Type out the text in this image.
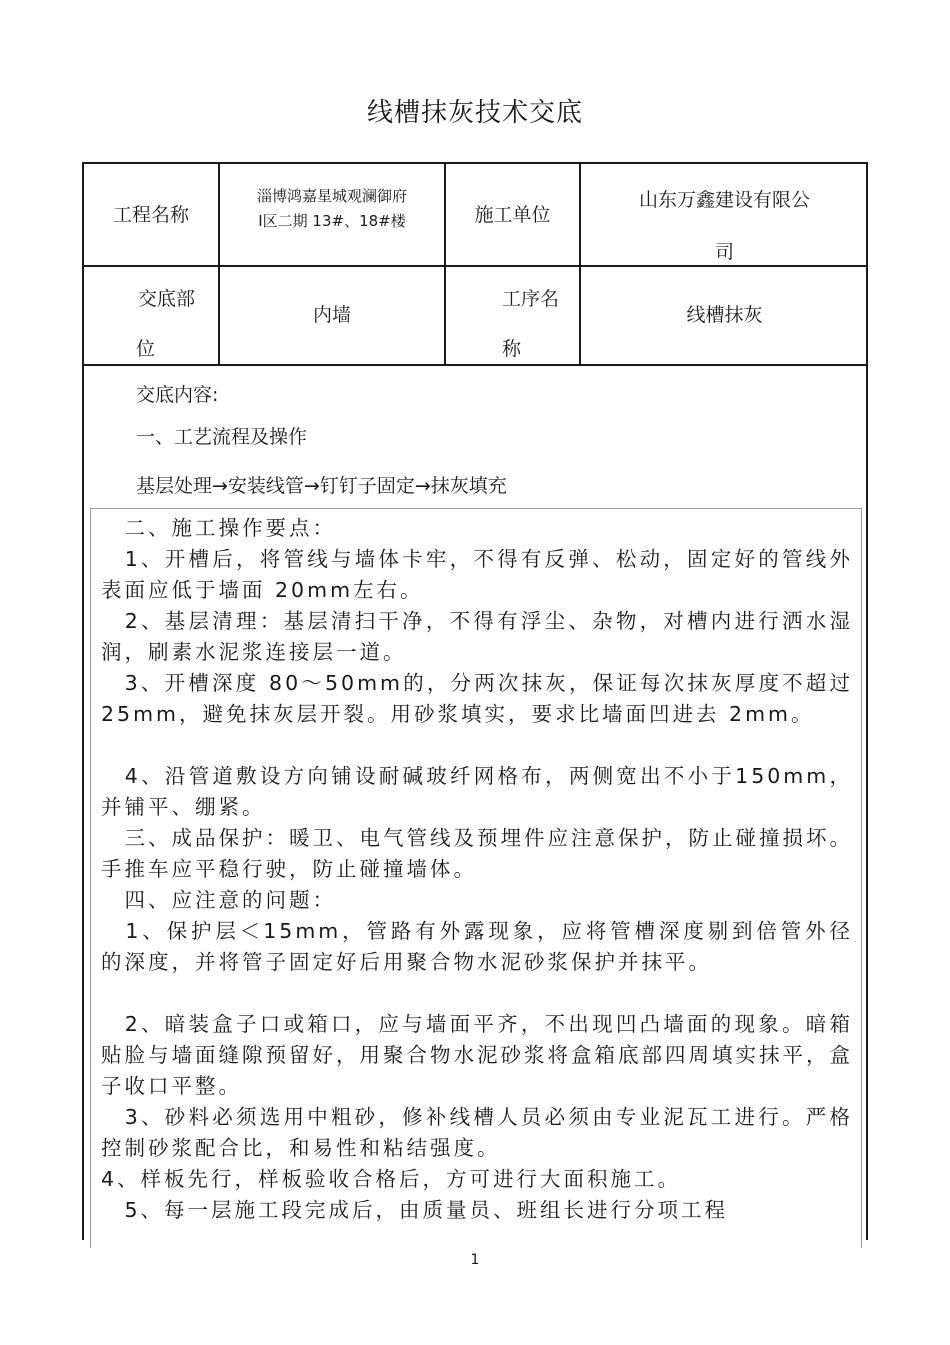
线槽抹灰技术交底
工程名称
淄博鸿嘉星城观澜御府
Ⅰ区二期 13#、18#楼	施工单位
山东万鑫建设有限公
司
交底部
位
内墙
工序名
称
线槽抹灰
交底内容:
一、工艺流程及操作
基层处理→安装线管→钉钉子固定→抹灰填充

　二、施工操作要点：

　1、开槽后，将管线与墙体卡牢，不得有反弹、松动，固定好的管线外表面应低于墙面 20mm左右。

　2、基层清理：基层清扫干净，不得有浮尘、杂物，对槽内进行洒水湿润，刷素水泥浆连接层一道。

　3、开槽深度 80～50mm的，分两次抹灰，保证每次抹灰厚度不超过 25mm，避免抹灰层开裂。用砂浆填实，要求比墙面凹进去 2mm。

　4、沿管道敷设方向铺设耐碱玻纤网格布，两侧宽出不小于150mm，并铺平、绷紧。

　三、成品保护：暖卫、电气管线及预埋件应注意保护，防止碰撞损坏。手推车应平稳行驶，防止碰撞墙体。

　四、应注意的问题：

　1、保护层＜15mm，管路有外露现象，应将管槽深度剔到倍管外径的深度，并将管子固定好后用聚合物水泥砂浆保护并抹平。

　2、暗装盒子口或箱口，应与墙面平齐，不出现凹凸墙面的现象。暗箱贴脸与墙面缝隙预留好，用聚合物水泥砂浆将盒箱底部四周填实抹平，盒子收口平整。

　3、砂料必须选用中粗砂，修补线槽人员必须由专业泥瓦工进行。严格控制砂浆配合比，和易性和粘结强度。

4、样板先行，样板验收合格后，方可进行大面积施工。

　5、每一层施工段完成后，由质量员、班组长进行分项工程

1
